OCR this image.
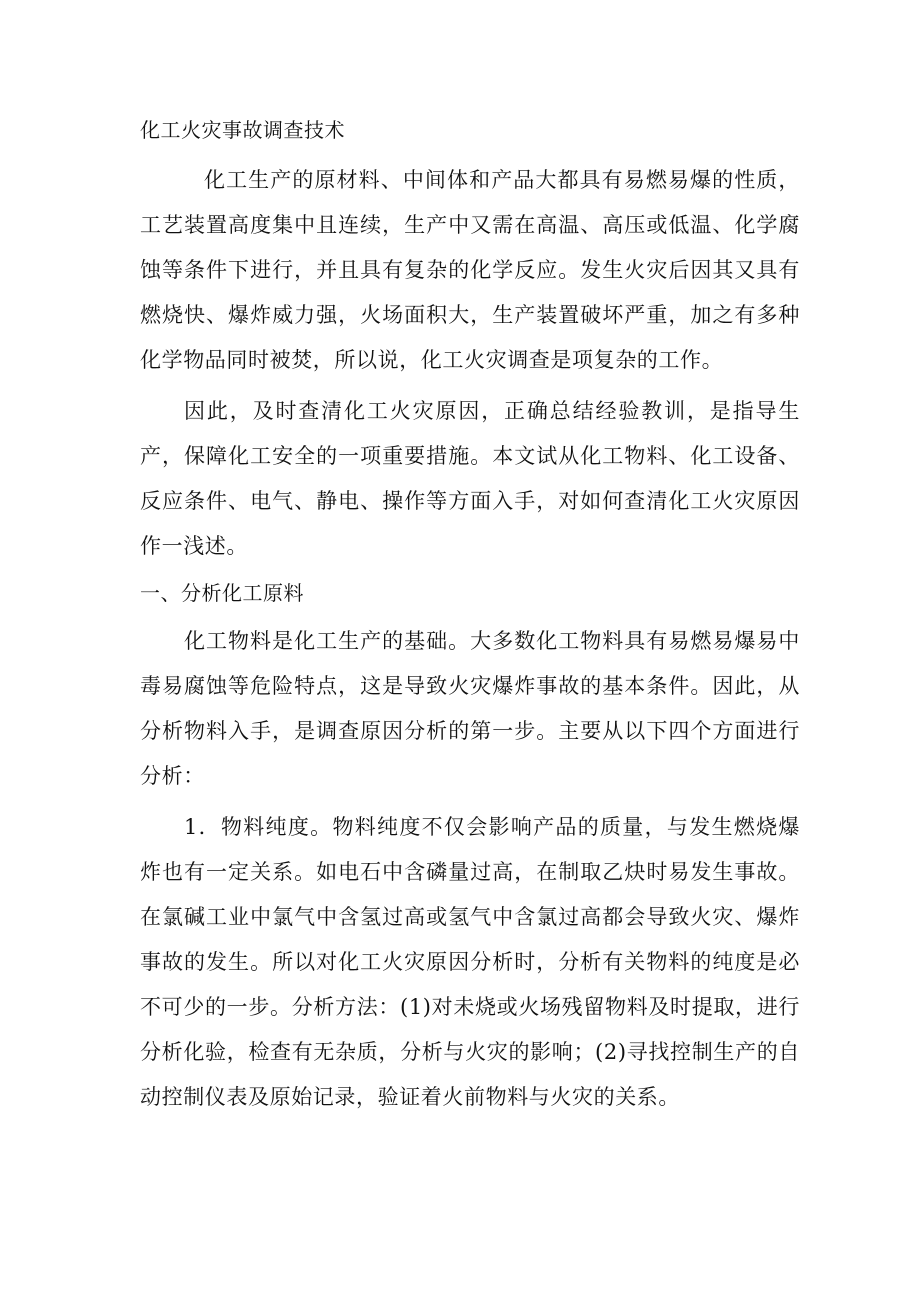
化工火灾事故调查技术

化工生产的原材料、中间体和产品大都具有易燃易爆的性质，工艺装置高度集中且连续，生产中又需在高温、高压或低温、化学腐蚀等条件下进行，并且具有复杂的化学反应。发生火灾后因其又具有燃烧快、爆炸威力强，火场面积大，生产装置破坏严重，加之有多种化学物品同时被焚，所以说，化工火灾调查是项复杂的工作。

因此，及时查清化工火灾原因，正确总结经验教训，是指导生产，保障化工安全的一项重要措施。本文试从化工物料、化工设备、反应条件、电气、静电、操作等方面入手，对如何查清化工火灾原因作一浅述。

一、分析化工原料

化工物料是化工生产的基础。大多数化工物料具有易燃易爆易中毒易腐蚀等危险特点，这是导致火灾爆炸事故的基本条件。因此，从分析物料入手，是调查原因分析的第一步。主要从以下四个方面进行分析：

1．物料纯度。物料纯度不仅会影响产品的质量，与发生燃烧爆炸也有一定关系。如电石中含磷量过高，在制取乙炔时易发生事故。在氯碱工业中氯气中含氢过高或氢气中含氯过高都会导致火灾、爆炸事故的发生。所以对化工火灾原因分析时，分析有关物料的纯度是必不可少的一步。分析方法：(1)对未烧或火场残留物料及时提取，进行分析化验，检查有无杂质，分析与火灾的影响；(2)寻找控制生产的自动控制仪表及原始记录，验证着火前物料与火灾的关系。
